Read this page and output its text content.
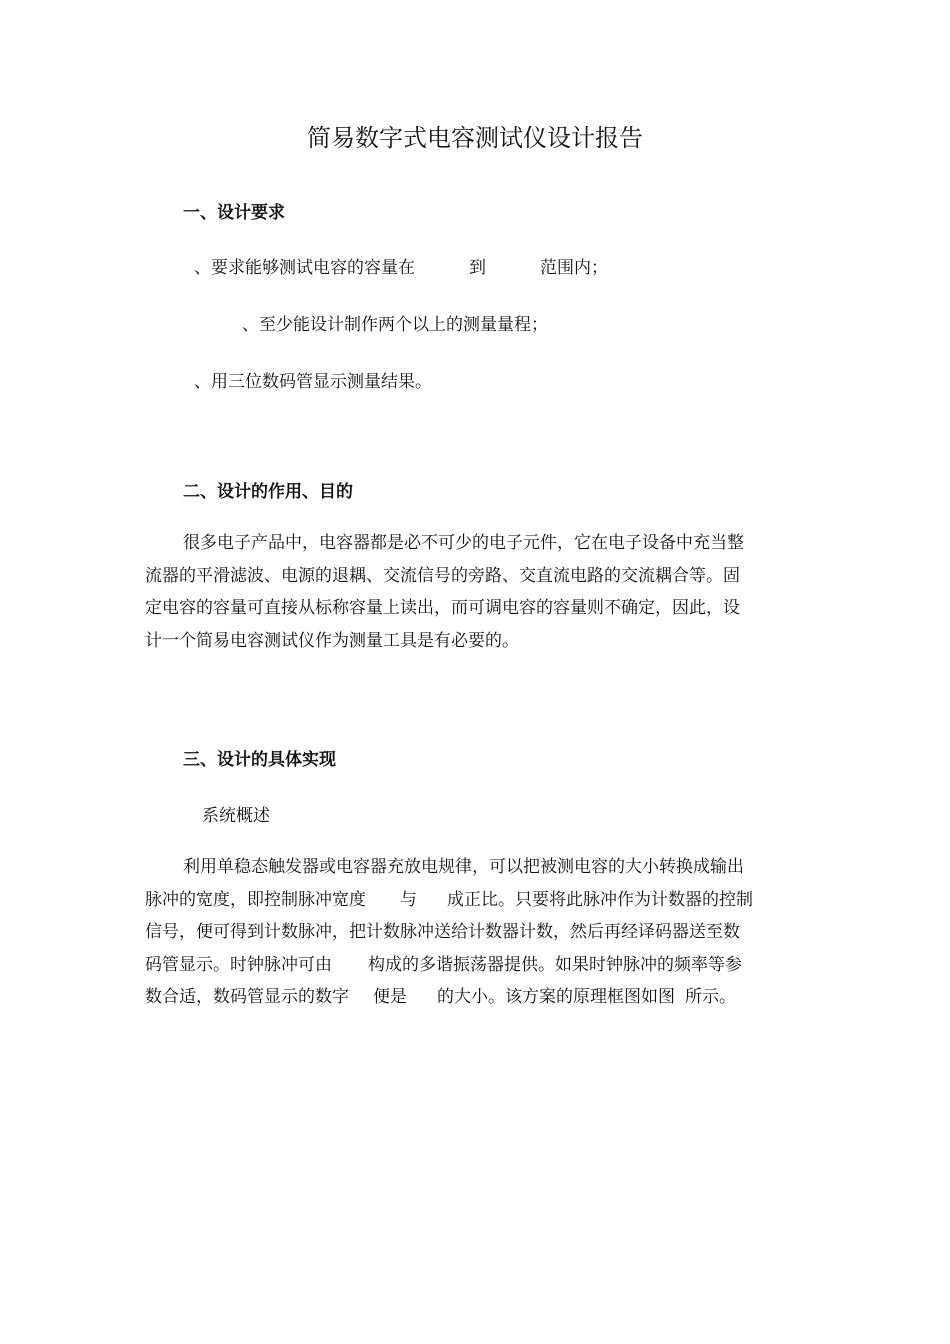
简易数字式电容测试仪设计报告
一、设计要求
、要求能够测试电容的容量在	到	范围内；
、至少能设计制作两个以上的测量量程；
、用三位数码管显示测量结果。
二、设计的作用、目的
很多电子产品中，电容器都是必不可少的电子元件，它在电子设备中充当整
流器的平滑滤波、电源的退耦、交流信号的旁路、交直流电路的交流耦合等。固
定电容的容量可直接从标称容量上读出，而可调电容的容量则不确定，因此，设
计一个简易电容测试仪作为测量工具是有必要的。
三、设计的具体实现
系统概述
利用单稳态触发器或电容器充放电规律，可以把被测电容的大小转换成输出
脉冲的宽度，即控制脉冲宽度 与 成正比。只要将此脉冲作为计数器的控制
信号，便可得到计数脉冲，把计数脉冲送给计数器计数，然后再经译码器送至数
码管显示。时钟脉冲可由 构成的多谐振荡器提供。如果时钟脉冲的频率等参
数合适，数码管显示的数字 便是 的大小。该方案的原理框图如图 所示。
